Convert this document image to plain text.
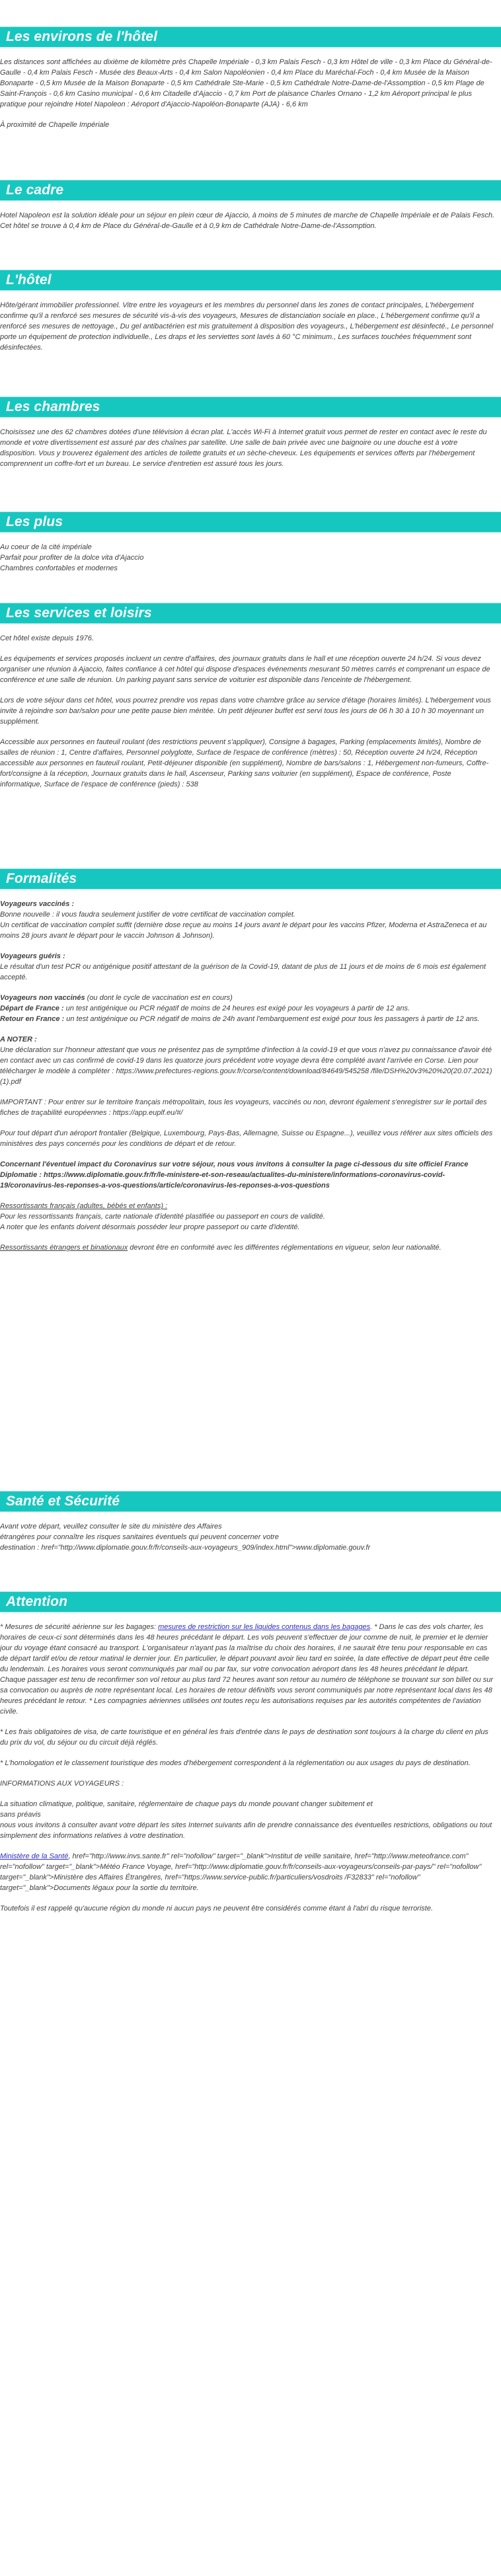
Les environs de l'hôtel

Les distances sont affichées au dixième de kilomètre près Chapelle Impériale - 0,3 km Palais Fesch - 0,3 km Hôtel de ville - 0,3 km Place du Général-de-Gaulle - 0,4 km Palais Fesch - Musée des Beaux-Arts - 0,4 km Salon Napoléonien - 0,4 km Place du Maréchal-Foch - 0,4 km Musée de la Maison Bonaparte - 0,5 km Musée de la Maison Bonaparte - 0,5 km Cathédrale Ste-Marie - 0,5 km Cathédrale Notre-Dame-de-l'Assomption - 0,5 km Plage de Saint-François - 0,6 km Casino municipal - 0,6 km Citadelle d'Ajaccio - 0,7 km Port de plaisance Charles Ornano - 1,2 km Aéroport principal le plus pratique pour rejoindre Hotel Napoleon : Aéroport d'Ajaccio-Napoléon-Bonaparte (AJA) - 6,6 km

À proximité de Chapelle Impériale

Le cadre

Hotel Napoleon est la solution idéale pour un séjour en plein cœur de Ajaccio, à moins de 5 minutes de marche de Chapelle Impériale et de Palais Fesch. Cet hôtel se trouve à 0,4 km de Place du Général-de-Gaulle et à 0,9 km de Cathédrale Notre-Dame-de-l'Assomption.

L'hôtel

Hôte/gérant immobilier professionnel. Vitre entre les voyageurs et les membres du personnel dans les zones de contact principales, L'hébergement confirme qu'il a renforcé ses mesures de sécurité vis-à-vis des voyageurs, Mesures de distanciation sociale en place., L'hébergement confirme qu'il a renforcé ses mesures de nettoyage., Du gel antibactérien est mis gratuitement à disposition des voyageurs., L'hébergement est désinfecté., Le personnel porte un équipement de protection individuelle., Les draps et les serviettes sont lavés à 60 °C minimum., Les surfaces touchées fréquemment sont désinfectées.

Les chambres

Choisissez une des 62 chambres dotées d'une télévision à écran plat. L'accès Wi-Fi à Internet gratuit vous permet de rester en contact avec le reste du monde et votre divertissement est assuré par des chaînes par satellite. Une salle de bain privée avec une baignoire ou une douche est à votre disposition. Vous y trouverez également des articles de toilette gratuits et un sèche-cheveux. Les équipements et services offerts par l'hébergement comprennent un coffre-fort et un bureau. Le service d'entretien est assuré tous les jours.

Les plus
Au coeur de la cité impériale
Parfait pour profiter de la dolce vita d'Ajaccio
Chambres confortables et modernes
Les services et loisirs

Cet hôtel existe depuis 1976.

Les équipements et services proposés incluent un centre d'affaires, des journaux gratuits dans le hall et une réception ouverte 24 h/24. Si vous devez organiser une réunion à Ajaccio, faites confiance à cet hôtel qui dispose d'espaces événements mesurant 50 mètres carrés et comprenant un espace de conférence et une salle de réunion. Un parking payant sans service de voiturier est disponible dans l'enceinte de l'hébergement.

Lors de votre séjour dans cet hôtel, vous pourrez prendre vos repas dans votre chambre grâce au service d'étage (horaires limités). L'hébergement vous invite à rejoindre son bar/salon pour une petite pause bien méritée. Un petit déjeuner buffet est servi tous les jours de 06 h 30 à 10 h 30 moyennant un supplément.

Accessible aux personnes en fauteuil roulant (des restrictions peuvent s'appliquer), Consigne à bagages, Parking (emplacements limités), Nombre de salles de réunion : 1, Centre d'affaires, Personnel polyglotte, Surface de l'espace de conférence (mètres) : 50, Réception ouverte 24 h/24, Réception accessible aux personnes en fauteuil roulant, Petit-déjeuner disponible (en supplément), Nombre de bars/salons : 1, Hébergement non-fumeurs, Coffre-fort/consigne à la réception, Journaux gratuits dans le hall, Ascenseur, Parking sans voiturier (en supplément), Espace de conférence, Poste informatique, Surface de l'espace de conférence (pieds) : 538

Formalités

Voyageurs vaccinés :
Bonne nouvelle : il vous faudra seulement justifier de votre certificat de vaccination complet.
Un certificat de vaccination complet suffit (dernière dose reçue au moins 14 jours avant le départ pour les vaccins Pfizer, Moderna et AstraZeneca et au moins 28 jours avant le départ pour le vaccin Johnson & Johnson).

Voyageurs guéris :
Le résultat d'un test PCR ou antigénique positif attestant de la guérison de la Covid-19, datant de plus de 11 jours et de moins de 6 mois est également accepté.

Voyageurs non vaccinés (ou dont le cycle de vaccination est en cours)
Départ de France : un test antigénique ou PCR négatif de moins de 24 heures est exigé pour les voyageurs à partir de 12 ans.
Retour en France : un test antigénique ou PCR négatif de moins de 24h avant l'embarquement est exigé pour tous les passagers à partir de 12 ans.

A NOTER :
Une déclaration sur l'honneur attestant que vous ne présentez pas de symptôme d'infection à la covid-19 et que vous n'avez pu connaissance d'avoir été en contact avec un cas confirmé de covid-19 dans les quatorze jours précédent votre voyage devra être complété avant l'arrivée en Corse. Lien pour télécharger le modèle à compléter : https://www.prefectures-regions.gouv.fr/corse/content/download/84649/545258 /file/DSH%20v3%20%20(20.07.2021)(1).pdf

IMPORTANT : Pour entrer sur le territoire français métropolitain, tous les voyageurs, vaccinés ou non, devront également s'enregistrer sur le portail des fiches de traçabilité européennes : https://app.euplf.eu/#/

Pour tout départ d'un aéroport frontalier (Belgique, Luxembourg, Pays-Bas, Allemagne, Suisse ou Espagne...), veuillez vous référer aux sites officiels des ministères des pays concernés pour les conditions de départ et de retour.

Concernant l'éventuel impact du Coronavirus sur votre séjour, nous vous invitons à consulter la page ci-dessous du site officiel France Diplomatie : https://www.diplomatie.gouv.fr/fr/le-ministere-et-son-reseau/actualites-du-ministere/informations-coronavirus-covid-19/coronavirus-les-reponses-a-vos-questions/article/coronavirus-les-reponses-a-vos-questions

Ressortissants français (adultes, bébés et enfants) :
Pour les ressortissants français, carte nationale d'identité plastifiée ou passeport en cours de validité.
A noter que les enfants doivent désormais posséder leur propre passeport ou carte d'identité.

Ressortissants étrangers et binationaux devront être en conformité avec les différentes réglementations en vigueur, selon leur nationalité.

Santé et Sécurité
Avant votre départ, veuillez consulter le site du ministère des Affaires
étrangères pour connaître les risques sanitaires éventuels qui peuvent concerner votre
destination : href="http://www.diplomatie.gouv.fr/fr/conseils-aux-voyageurs_909/index.html">www.diplomatie.gouv.fr
Attention

* Mesures de sécurité aérienne sur les bagages: mesures de restriction sur les liquides contenus dans les bagages. * Dans le cas des vols charter, les horaires de ceux-ci sont déterminés dans les 48 heures précédant le départ. Les vols peuvent s'effectuer de jour comme de nuit, le premier et le dernier jour du voyage étant consacré au transport. L'organisateur n'ayant pas la maîtrise du choix des horaires, il ne saurait être tenu pour responsable en cas de départ tardif et/ou de retour matinal le dernier jour. En particulier, le départ pouvant avoir lieu tard en soirée, la date effective de départ peut être celle du lendemain. Les horaires vous seront communiqués par mail ou par fax, sur votre convocation aéroport dans les 48 heures précédant le départ. Chaque passager est tenu de reconfirmer son vol retour au plus tard 72 heures avant son retour au numéro de téléphone se trouvant sur son billet ou sur sa convocation ou auprès de notre représentant local. Les horaires de retour définitifs vous seront communiqués par notre représentant local dans les 48 heures précédant le retour. * Les compagnies aériennes utilisées ont toutes reçu les autorisations requises par les autorités compétentes de l'aviation civile.

* Les frais obligatoires de visa, de carte touristique et en général les frais d'entrée dans le pays de destination sont toujours à la charge du client en plus du prix du vol, du séjour ou du circuit déjà réglés.

* L'homologation et le classement touristique des modes d'hébergement correspondent à la réglementation ou aux usages du pays de destination.

INFORMATIONS AUX VOYAGEURS :

La situation climatique, politique, sanitaire, réglementaire de chaque pays du monde pouvant changer subitement et
sans préavis
nous vous invitons à consulter avant votre départ les sites Internet suivants afin de prendre connaissance des éventuelles restrictions, obligations ou tout simplement des informations relatives à votre destination.

Ministère de la Santé, href="http://www.invs.sante.fr" rel="nofollow" target="_blank">Institut de veille sanitaire, href="http://www.meteofrance.com" rel="nofollow" target="_blank">Météo France Voyage, href="http://www.diplomatie.gouv.fr/fr/conseils-aux-voyageurs/conseils-par-pays/" rel="nofollow" target="_blank">Ministère des Affaires Étrangères, href="https://www.service-public.fr/particuliers/vosdroits /F32833" rel="nofollow" target="_blank">Documents légaux pour la sortie du territoire.

Toutefois il est rappelé qu'aucune région du monde ni aucun pays ne peuvent être considérés comme étant à l'abri du risque terroriste.
